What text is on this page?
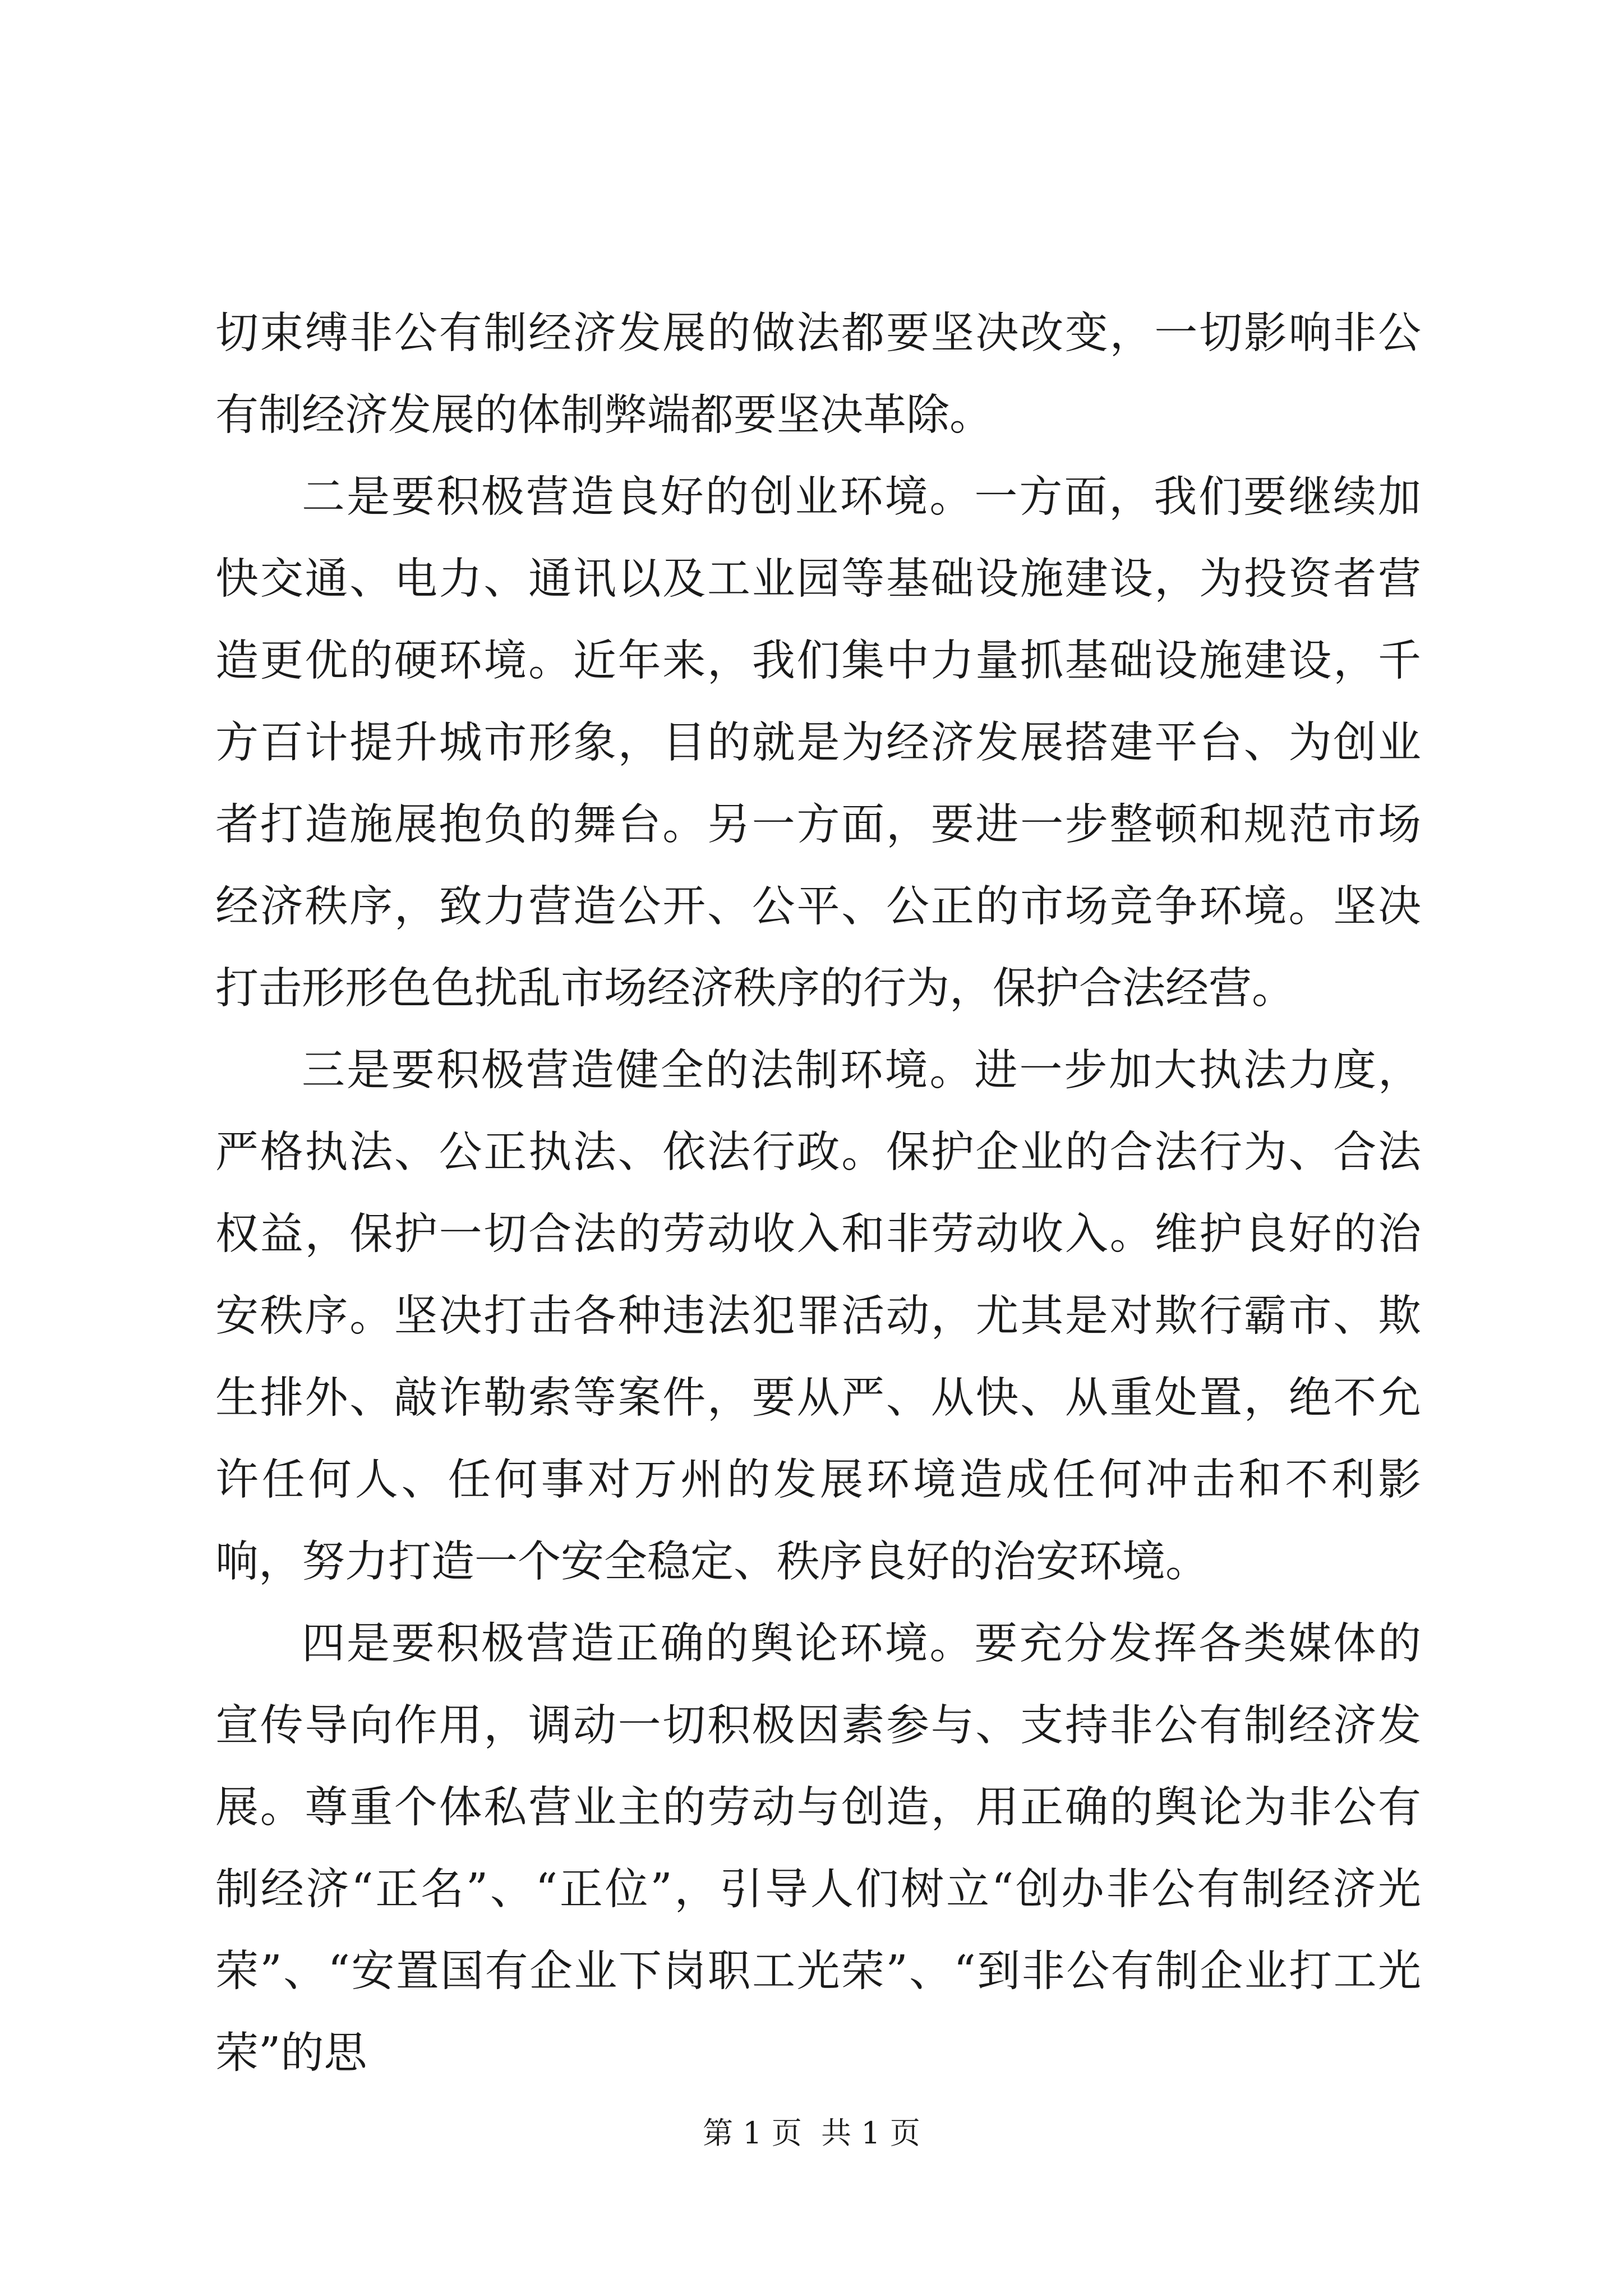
切束缚非公有制经济发展的做法都要坚决改变，一切影响非公有制经济发展的体制弊端都要坚决革除。

二是要积极营造良好的创业环境。一方面，我们要继续加快交通、电力、通讯以及工业园等基础设施建设，为投资者营造更优的硬环境。近年来，我们集中力量抓基础设施建设，千方百计提升城市形象，目的就是为经济发展搭建平台、为创业者打造施展抱负的舞台。另一方面，要进一步整顿和规范市场经济秩序，致力营造公开、公平、公正的市场竞争环境。坚决打击形形色色扰乱市场经济秩序的行为，保护合法经营。

三是要积极营造健全的法制环境。进一步加大执法力度，严格执法、公正执法、依法行政。保护企业的合法行为、合法权益，保护一切合法的劳动收入和非劳动收入。维护良好的治安秩序。坚决打击各种违法犯罪活动，尤其是对欺行霸市、欺生排外、敲诈勒索等案件，要从严、从快、从重处置，绝不允许任何人、任何事对万州的发展环境造成任何冲击和不利影响，努力打造一个安全稳定、秩序良好的治安环境。

四是要积极营造正确的舆论环境。要充分发挥各类媒体的宣传导向作用，调动一切积极因素参与、支持非公有制经济发展。尊重个体私营业主的劳动与创造，用正确的舆论为非公有制经济“正名”、“正位”，引导人们树立“创办非公有制经济光荣”、“安置国有企业下岗职工光荣”、“到非公有制企业打工光荣”的思

第 1 页  共 1 页
